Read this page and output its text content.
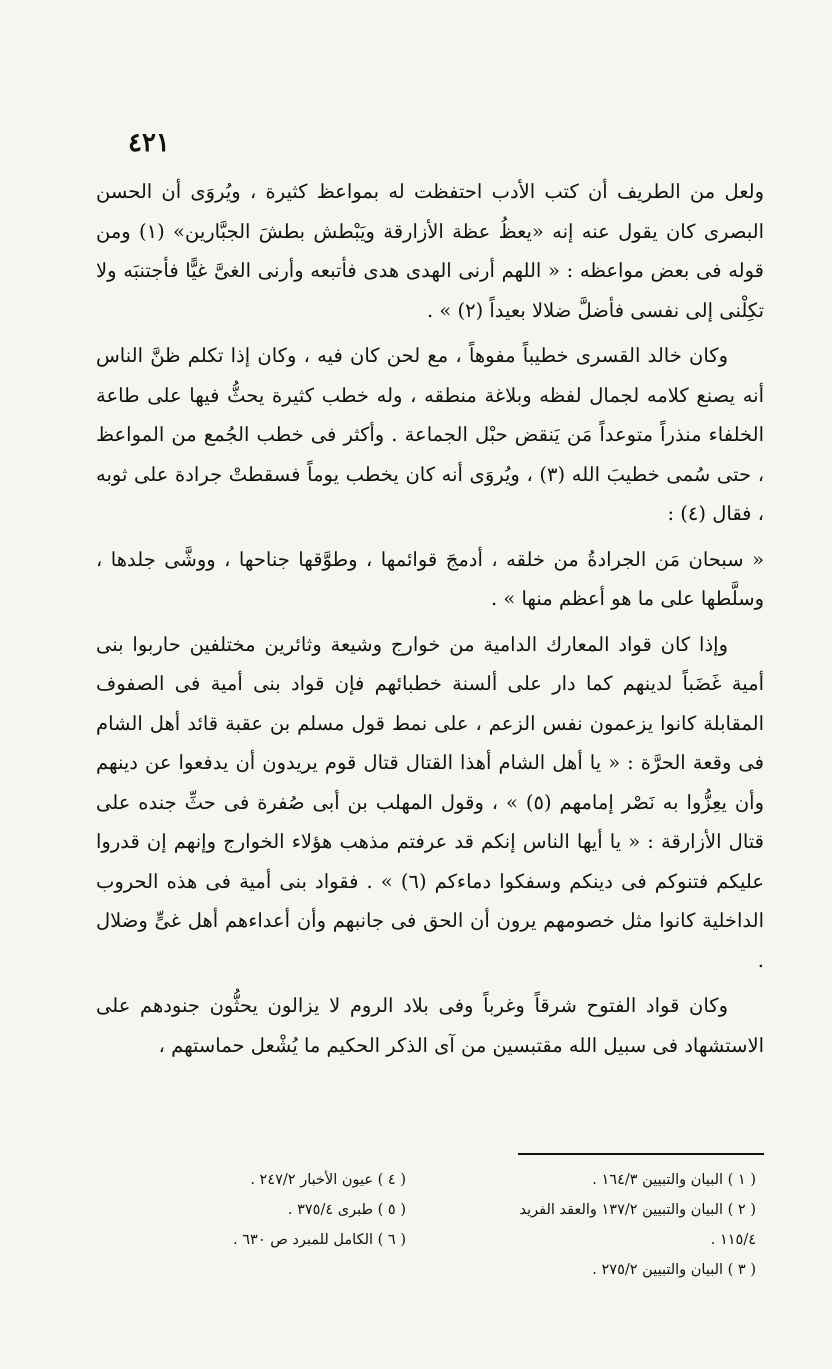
٤٢١

ولعل من الطريف أن كتب الأدب احتفظت له بمواعظ كثيرة ، ويُروَى أن الحسن البصرى كان يقول عنه إنه «يعظُ عظة الأزارقة ويَبْطش بطشَ الجبَّارين» (١) ومن قوله فى بعض مواعظه : « اللهم أرنى الهدى هدى فأتبعه وأرنى الغىَّ غيًّا فأجتنبَه ولا تكِلْنى إلى نفسى فأضلَّ ضلالا بعيداً (٢) » .

وكان خالد القسرى خطيباً مفوهاً ، مع لحن كان فيه ، وكان إذا تكلم ظنَّ الناس أنه يصنع كلامه لجمال لفظه وبلاغة منطقه ، وله خطب كثيرة يحثُّ فيها على طاعة الخلفاء منذراً متوعداً مَن يَنقض حبْل الجماعة . وأكثر فى خطب الجُمع من المواعظ ، حتى سُمى خطيبَ الله (٣) ، ويُروَى أنه كان يخطب يوماً فسقطتْ جرادة على ثوبه ، فقال (٤) :

« سبحان مَن الجرادةُ من خلقه ، أدمجَ قوائمها ، وطوَّقها جناحها ، ووشَّى جلدها ، وسلَّطها على ما هو أعظم منها » .

وإذا كان قواد المعارك الدامية من خوارج وشيعة وثائرين مختلفين حاربوا بنى أمية غَضَباً لدينهم كما دار على ألسنة خطبائهم فإن قواد بنى أمية فى الصفوف المقابلة كانوا يزعمون نفس الزعم ، على نمط قول مسلم بن عقبة قائد أهل الشام فى وقعة الحرَّة : « يا أهل الشام أهذا القتال قتال قوم يريدون أن يدفعوا عن دينهم وأن يعِزُّوا به نَصْر إمامهم (٥) » ، وقول المهلب بن أبى صُفرة فى حثِّ جنده على قتال الأزارقة : « يا أيها الناس إنكم قد عرفتم مذهب هؤلاء الخوارج وإنهم إن قدروا عليكم فتنوكم فى دينكم وسفكوا دماءكم (٦) » . فقواد بنى أمية فى هذه الحروب الداخلية كانوا مثل خصومهم يرون أن الحق فى جانبهم وأن أعداءهم أهل غىٍّ وضلال .

وكان قواد الفتوح شرقاً وغرباً وفى بلاد الروم لا يزالون يحثُّون جنودهم على الاستشهاد فى سبيل الله مقتبسين من آى الذكر الحكيم ما يُشْعل حماستهم ،

( ١ ) البيان والتبيين ١٦٤/٣ .
( ٢ ) البيان والتبيين ١٣٧/٢ والعقد الفريد
١١٥/٤ .
( ٣ ) البيان والتبيين ٢٧٥/٢ .
( ٤ ) عيون الأخبار ٢٤٧/٢ .
( ٥ ) طبرى ٣٧٥/٤ .
( ٦ ) الكامل للمبرد ص ٦٣٠ .
